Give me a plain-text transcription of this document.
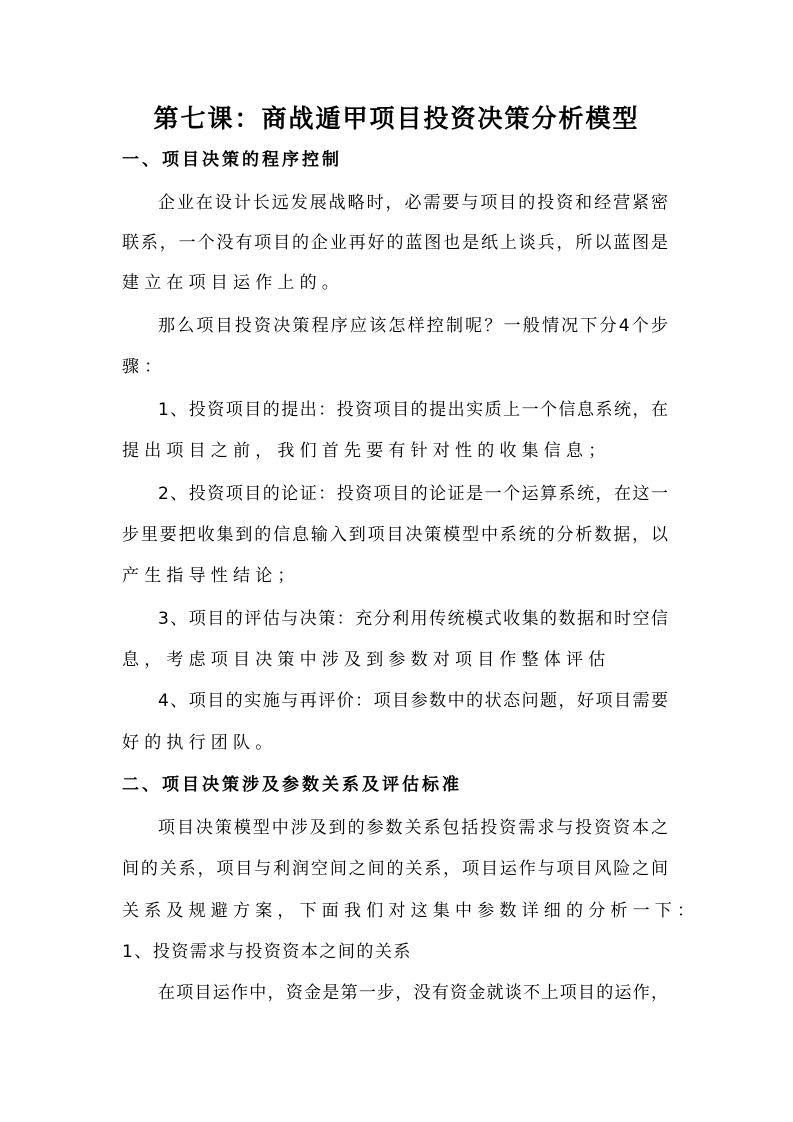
第七课：商战遁甲项目投资决策分析模型
一、项目决策的程序控制
企业在设计长远发展战略时，必需要与项目的投资和经营紧密
联系，一个没有项目的企业再好的蓝图也是纸上谈兵，所以蓝图是
建立在项目运作上的。
那么项目投资决策程序应该怎样控制呢？一般情况下分4个步
骤：
1、投资项目的提出：投资项目的提出实质上一个信息系统，在
提出项目之前，我们首先要有针对性的收集信息；
2、投资项目的论证：投资项目的论证是一个运算系统，在这一
步里要把收集到的信息输入到项目决策模型中系统的分析数据，以
产生指导性结论；
3、项目的评估与决策：充分利用传统模式收集的数据和时空信
息，考虑项目决策中涉及到参数对项目作整体评估
4、项目的实施与再评价：项目参数中的状态问题，好项目需要
好的执行团队。
二、项目决策涉及参数关系及评估标准
项目决策模型中涉及到的参数关系包括投资需求与投资资本之
间的关系，项目与利润空间之间的关系，项目运作与项目风险之间
关系及规避方案，下面我们对这集中参数详细的分析一下：
1、投资需求与投资资本之间的关系
在项目运作中，资金是第一步，没有资金就谈不上项目的运作，
